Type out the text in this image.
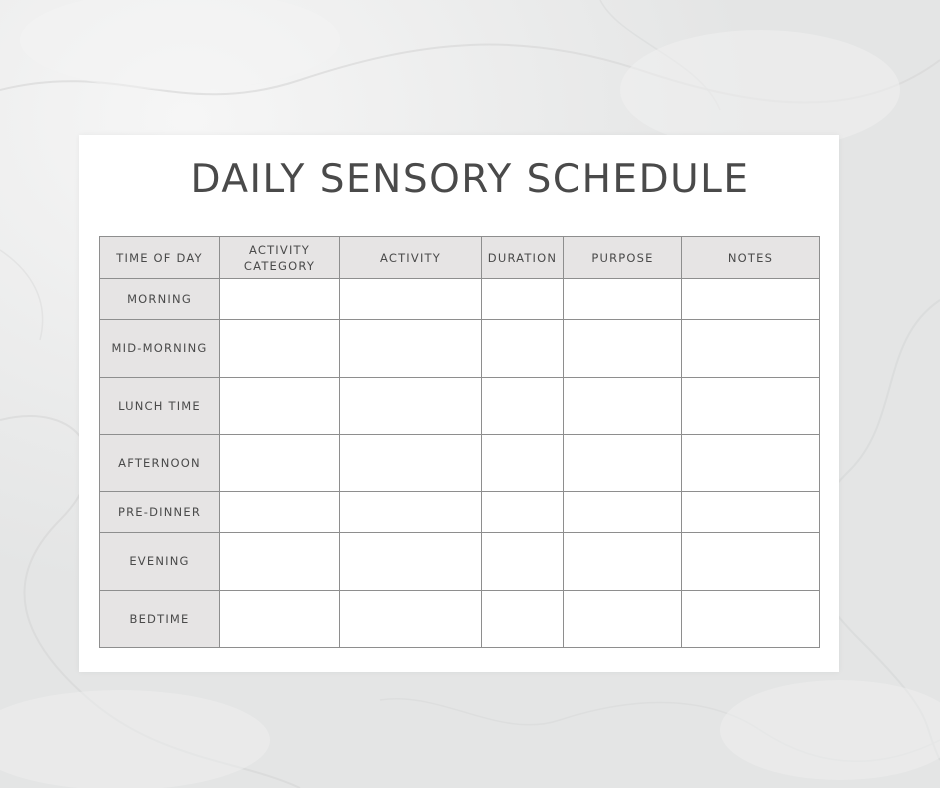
DAILY SENSORY SCHEDULE
TIME OF DAY	ACTIVITY CATEGORY	ACTIVITY	DURATION	PURPOSE	NOTES
MORNING					
MID-MORNING					
LUNCH TIME					
AFTERNOON					
PRE-DINNER					
EVENING					
BEDTIME					
